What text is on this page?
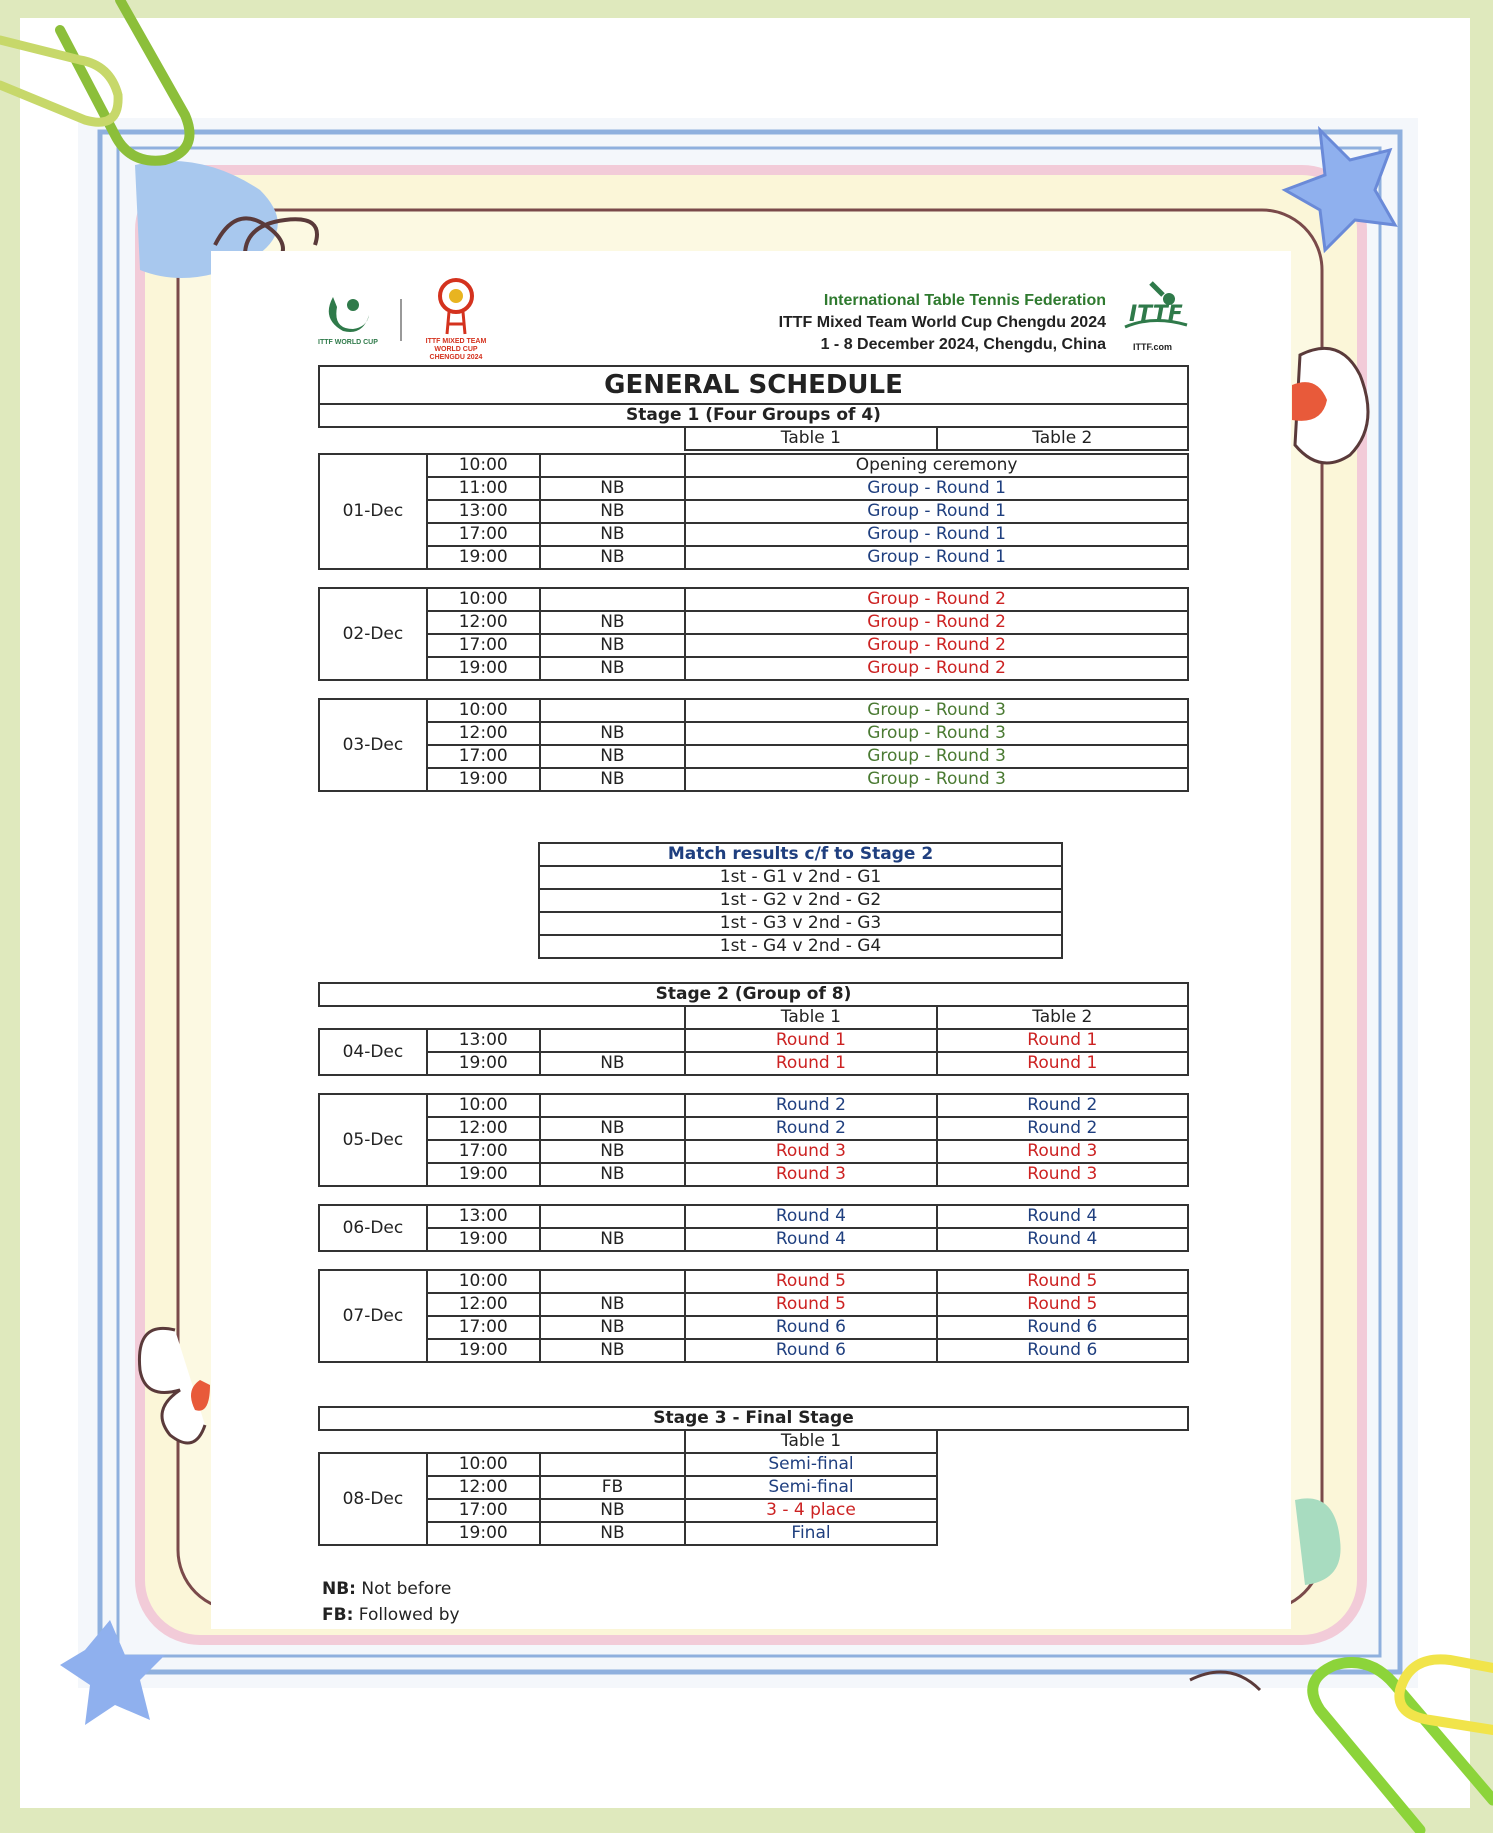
ITTF WORLD CUP	ITTF MIXED TEAM WORLD CUP CHENGDU 2024
International Table Tennis Federation
ITTF Mixed Team World Cup Chengdu 2024
1 - 8 December 2024, Chengdu, China
ITTF
ITTF.com
GENERAL SCHEDULE				
Stage 1 (Four Groups of 4)				
			Table 1	Table 2

01-Dec	10:00		Opening ceremony	
	11:00	NB	Group - Round 1	
	13:00	NB	Group - Round 1	
	17:00	NB	Group - Round 1	
	19:00	NB	Group - Round 1	

02-Dec	10:00		Group - Round 2	
	12:00	NB	Group - Round 2	
	17:00	NB	Group - Round 2	
	19:00	NB	Group - Round 2	

03-Dec	10:00		Group - Round 3	
	12:00	NB	Group - Round 3	
	17:00	NB	Group - Round 3	
	19:00	NB	Group - Round 3	
Match results c/f to Stage 2
1st - G1 v 2nd - G1
1st - G2 v 2nd - G2
1st - G3 v 2nd - G3
1st - G4 v 2nd - G4
Stage 2 (Group of 8)				
			Table 1	Table 2
04-Dec	13:00		Round 1	Round 1
	19:00	NB	Round 1	Round 1

05-Dec	10:00		Round 2	Round 2
	12:00	NB	Round 2	Round 2
	17:00	NB	Round 3	Round 3
	19:00	NB	Round 3	Round 3

06-Dec	13:00		Round 4	Round 4
	19:00	NB	Round 4	Round 4

07-Dec	10:00		Round 5	Round 5
	12:00	NB	Round 5	Round 5
	17:00	NB	Round 6	Round 6
	19:00	NB	Round 6	Round 6
Stage 3 - Final Stage				
			Table 1	
08-Dec	10:00		Semi-final	
	12:00	FB	Semi-final	
	17:00	NB	3 - 4 place	
	19:00	NB	Final	
NB: Not before
FB: Followed by
